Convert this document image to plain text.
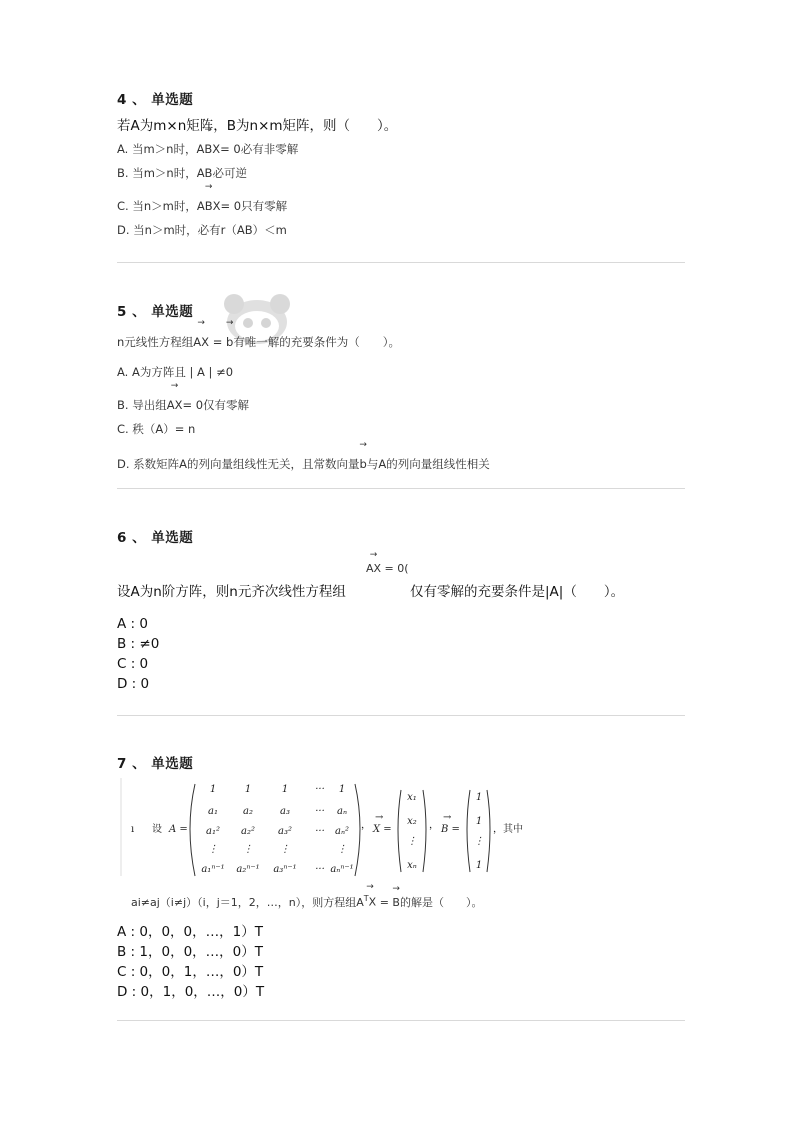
4 、 单选题
若A为m×n矩阵，B为n×m矩阵，则（　　）。
A. 当m＞n时，→ ABX= 0必有非零解
B. 当m＞n时，AB必可逆
C. 当n＞m时，→ ABX= 0只有零解
D. 当n＞m时，必有r（AB）＜m
5 、 单选题
n元线性方程组→ AX = → b有唯一解的充要条件为（　　）。
A. A为方阵且 | A | ≠0
B. 导出组→ AX= 0仅有零解
C. 秩（A）= n
D. 系数矩阵A的列向量组线性无关，且常数向量→ b与A的列向量组线性相关
6 、 单选题
→ AX = 0(
设A为n阶方阵，则n元齐次线性方程组	仅有零解的充要条件是|A|（　　）。
A : 0
B : ≠0
C : 0
D : 0
7 、 单选题
ı 设 A =
1	1	1	··· 1
a₁	a₂	a₃	··· aₙ
a₁² a₂² a₃² ··· aₙ²
⋮	⋮	⋮	⋮
a₁ⁿ⁻¹ a₂ⁿ⁻¹ a₃ⁿ⁻¹ ··· aₙⁿ⁻¹
， X =
→
x₁
x₂
⋮
xₙ
， B =
→
1
1
⋮
1
，其中
ai≠aj（i≠j）（i，j＝1，2，…，n），则方程组A→ $^T$X = → B的解是（　　）。
A : 0，0，0，…，1）T
B : 1，0，0，…，0）T
C : 0，0，1，…，0）T
D : 0，1，0，…，0）T
